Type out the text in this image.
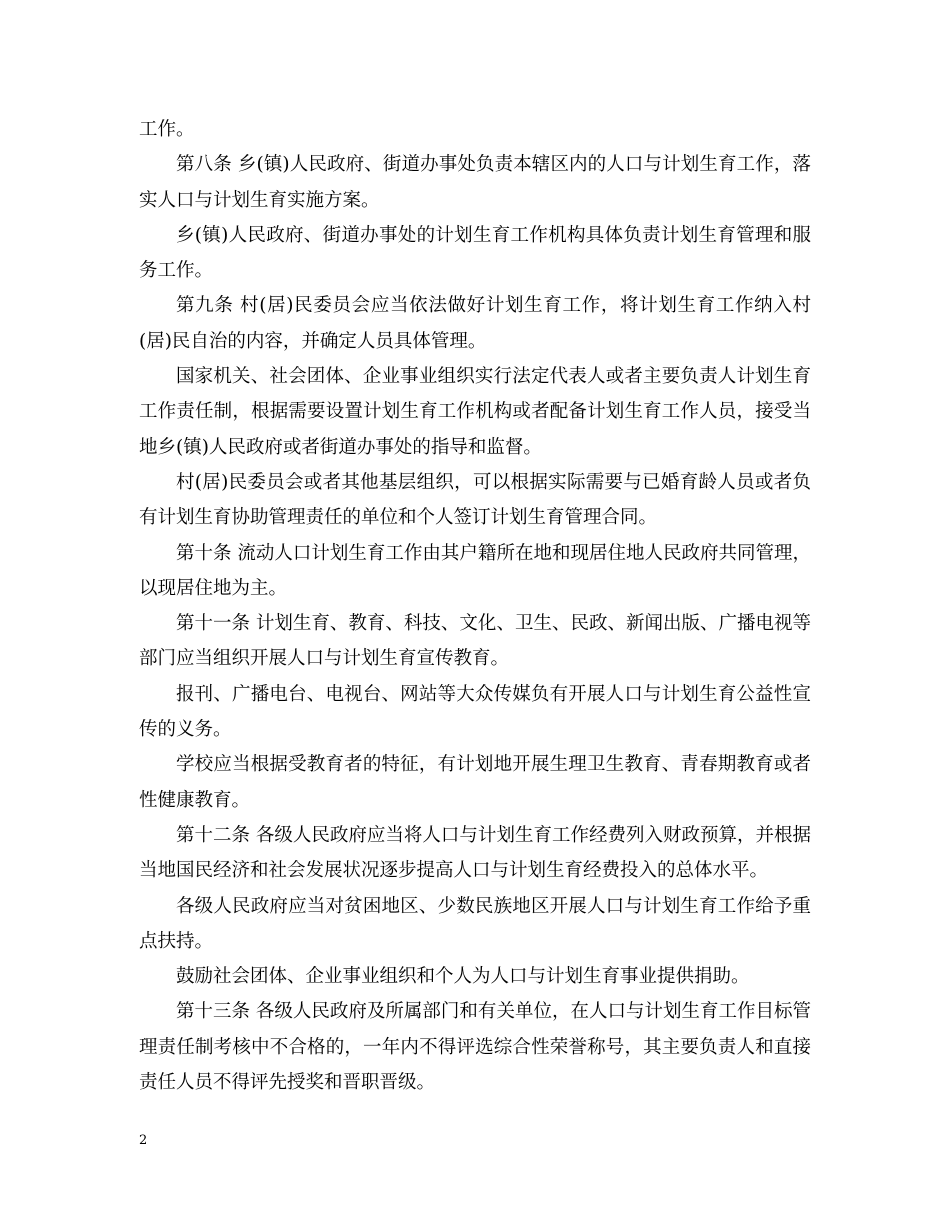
工作。

第八条 乡(镇)人民政府、街道办事处负责本辖区内的人口与计划生育工作，落实人口与计划生育实施方案。

乡(镇)人民政府、街道办事处的计划生育工作机构具体负责计划生育管理和服务工作。

第九条 村(居)民委员会应当依法做好计划生育工作，将计划生育工作纳入村(居)民自治的内容，并确定人员具体管理。

国家机关、社会团体、企业事业组织实行法定代表人或者主要负责人计划生育工作责任制，根据需要设置计划生育工作机构或者配备计划生育工作人员，接受当地乡(镇)人民政府或者街道办事处的指导和监督。

村(居)民委员会或者其他基层组织，可以根据实际需要与已婚育龄人员或者负有计划生育协助管理责任的单位和个人签订计划生育管理合同。

第十条 流动人口计划生育工作由其户籍所在地和现居住地人民政府共同管理，以现居住地为主。

第十一条 计划生育、教育、科技、文化、卫生、民政、新闻出版、广播电视等部门应当组织开展人口与计划生育宣传教育。

报刊、广播电台、电视台、网站等大众传媒负有开展人口与计划生育公益性宣传的义务。

学校应当根据受教育者的特征，有计划地开展生理卫生教育、青春期教育或者性健康教育。

第十二条 各级人民政府应当将人口与计划生育工作经费列入财政预算，并根据当地国民经济和社会发展状况逐步提高人口与计划生育经费投入的总体水平。

各级人民政府应当对贫困地区、少数民族地区开展人口与计划生育工作给予重点扶持。

鼓励社会团体、企业事业组织和个人为人口与计划生育事业提供捐助。

第十三条 各级人民政府及所属部门和有关单位，在人口与计划生育工作目标管理责任制考核中不合格的，一年内不得评选综合性荣誉称号，其主要负责人和直接责任人员不得评先授奖和晋职晋级。

2
